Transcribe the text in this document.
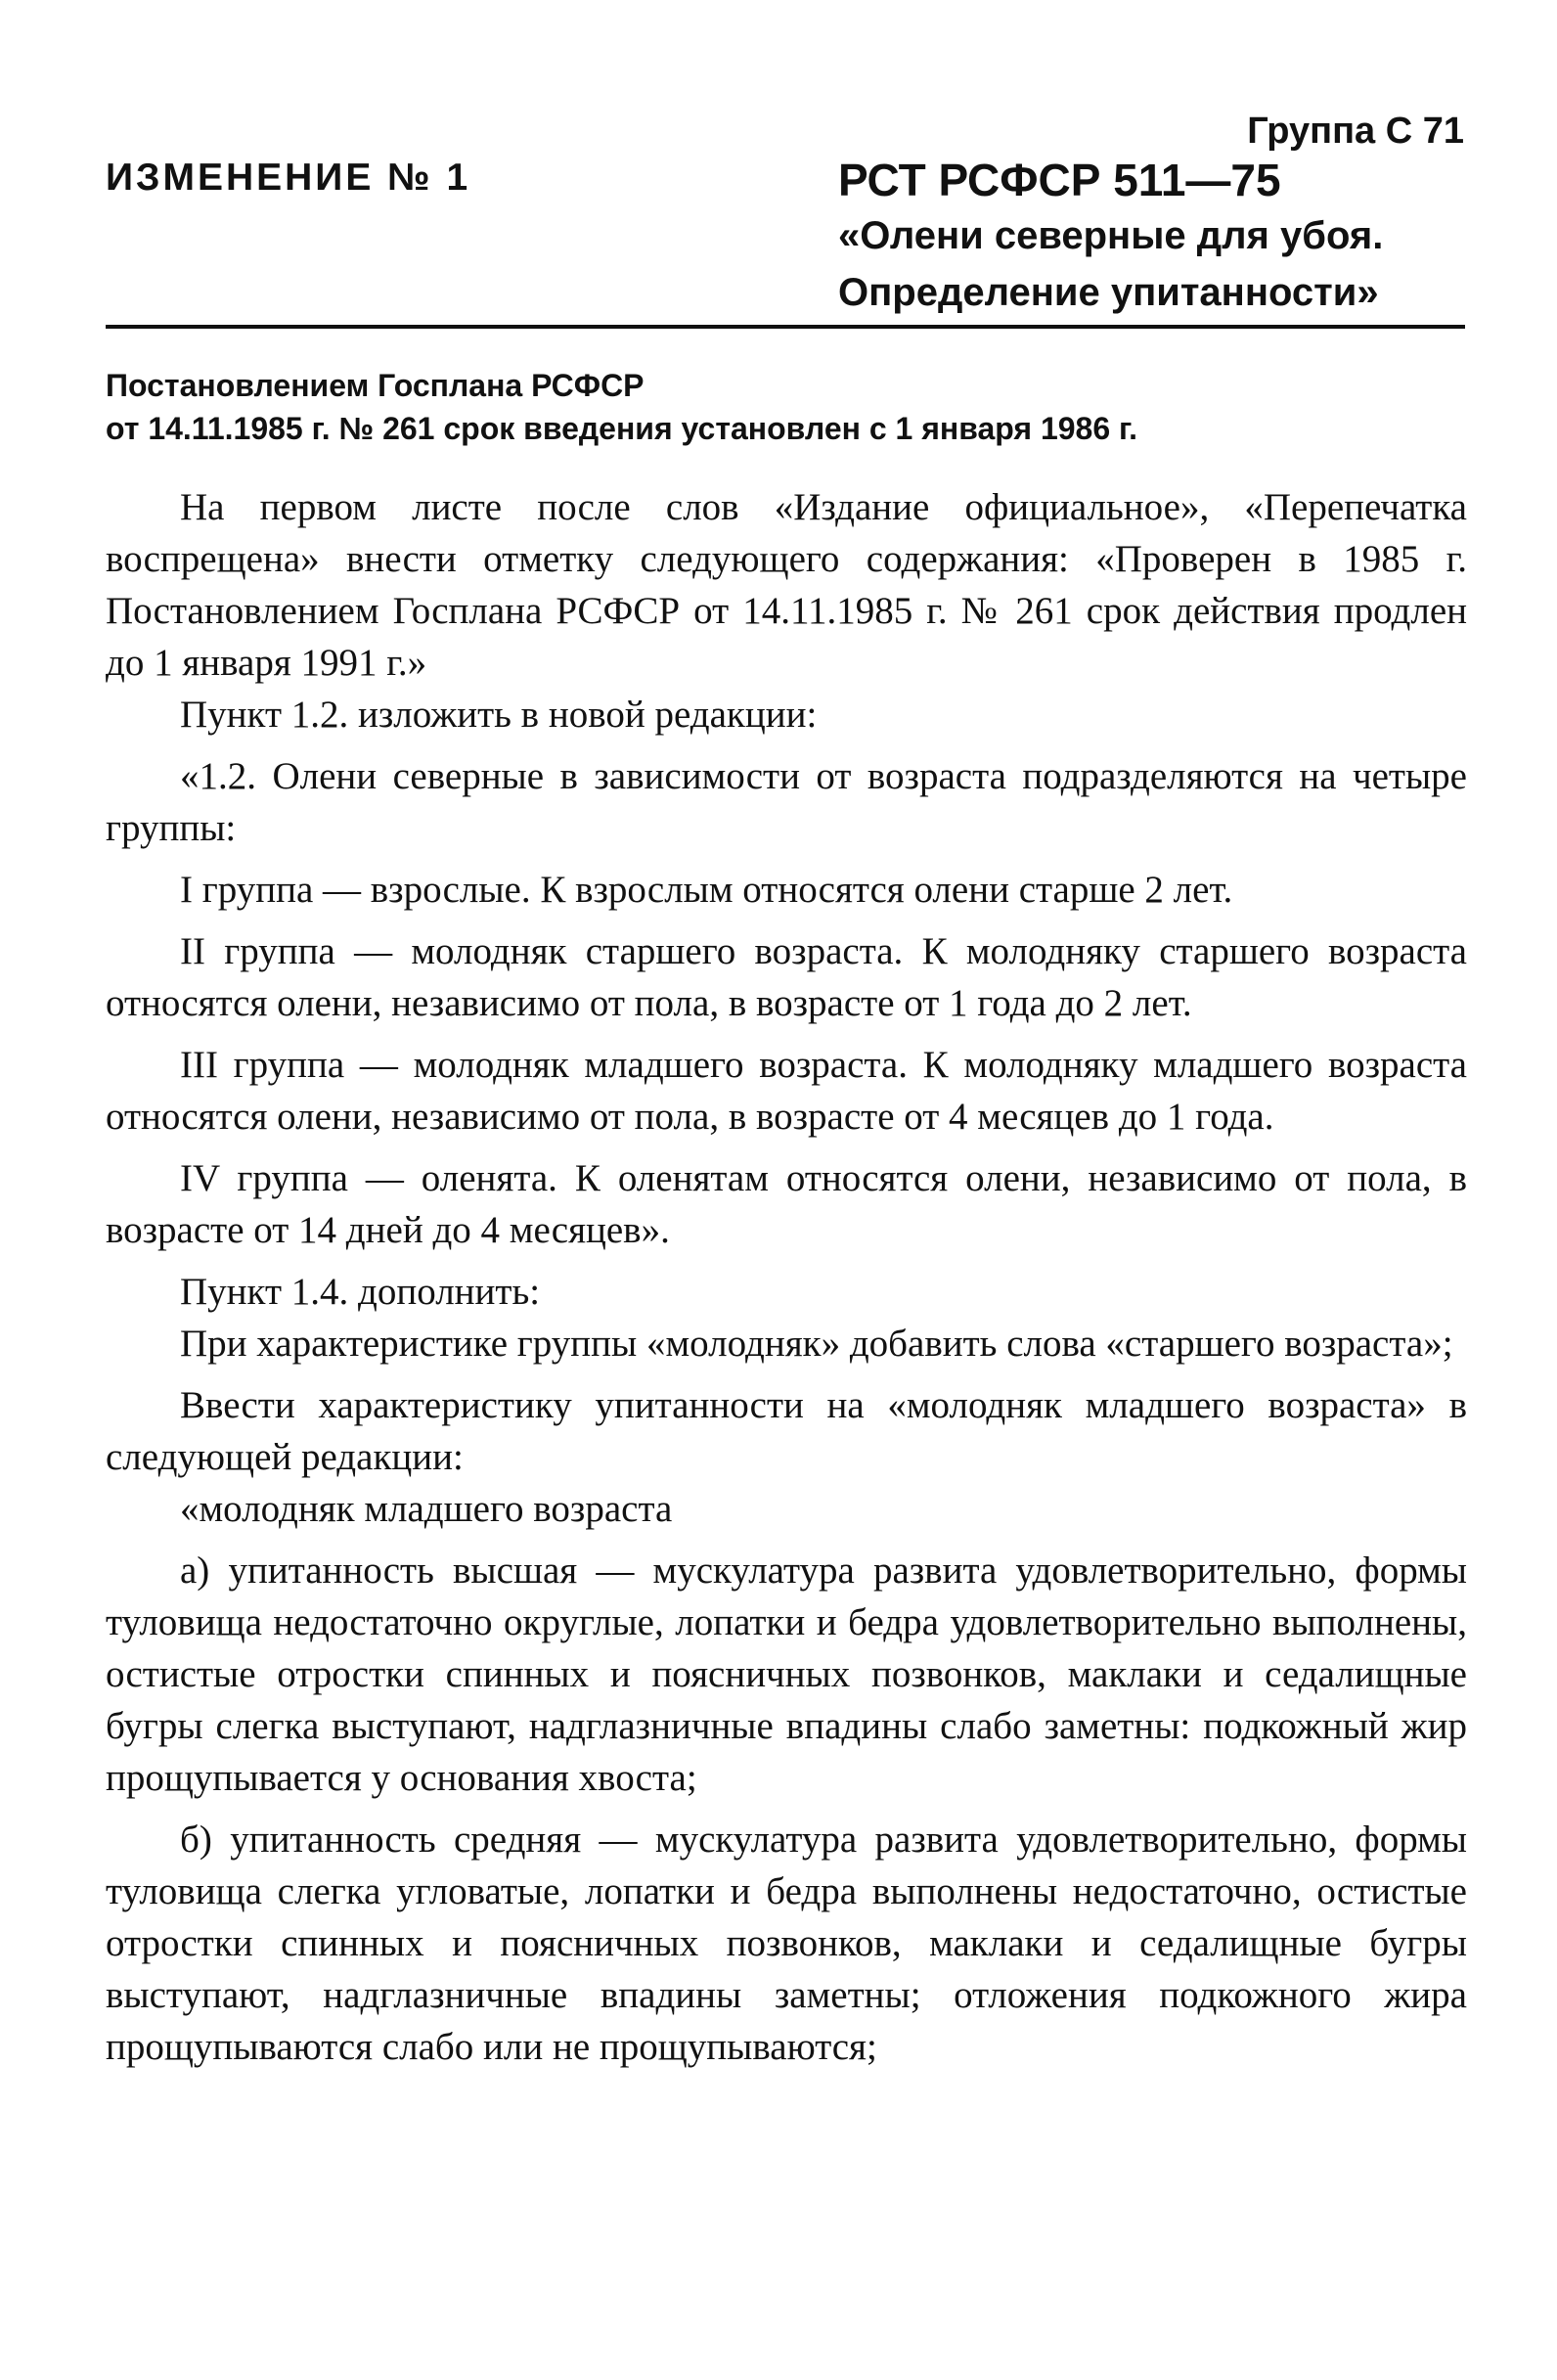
Группа С 71
ИЗМЕНЕНИЕ № 1	РСТ РСФСР 511—75
«Олени северные для убоя.
Определение упитанности»
Постановлением Госплана РСФСР
от 14.11.1985 г. № 261 срок введения установлен с 1 января 1986 г.

На первом листе после слов «Издание официальное», «Перепечатка воспрещена» внести отметку следующего содержания: «Проверен в 1985 г. Постановлением Госплана РСФСР от 14.11.1985 г. № 261 срок действия продлен до 1 января 1991 г.»

Пункт 1.2. изложить в новой редакции:

«1.2. Олени северные в зависимости от возраста подразделяются на четыре группы:

I группа — взрослые. К взрослым относятся олени старше 2 лет.

II группа — молодняк старшего возраста. К молодняку старшего возраста относятся олени, независимо от пола, в возрасте от 1 года до 2 лет.

III группа — молодняк младшего возраста. К молодняку младшего возраста относятся олени, независимо от пола, в возрасте от 4 месяцев до 1 года.

IV группа — оленята. К оленятам относятся олени, независимо от пола, в возрасте от 14 дней до 4 месяцев».

Пункт 1.4. дополнить:

При характеристике группы «молодняк» добавить слова «старшего возраста»;

Ввести характеристику упитанности на «молодняк младшего возраста» в следующей редакции:

«молодняк младшего возраста

а) упитанность высшая — мускулатура развита удовлетворительно, формы туловища недостаточно округлые, лопатки и бедра удовлетворительно выполнены, остистые отростки спинных и поясничных позвонков, маклаки и седалищные бугры слегка выступают, надглазничные впадины слабо заметны: подкожный жир прощупывается у основания хвоста;

б) упитанность средняя — мускулатура развита удовлетворительно, формы туловища слегка угловатые, лопатки и бедра выполнены недостаточно, остистые отростки спинных и поясничных позвонков, маклаки и седалищные бугры выступают, надглазничные впадины заметны; отложения подкожного жира прощупываются слабо или не прощупываются;
